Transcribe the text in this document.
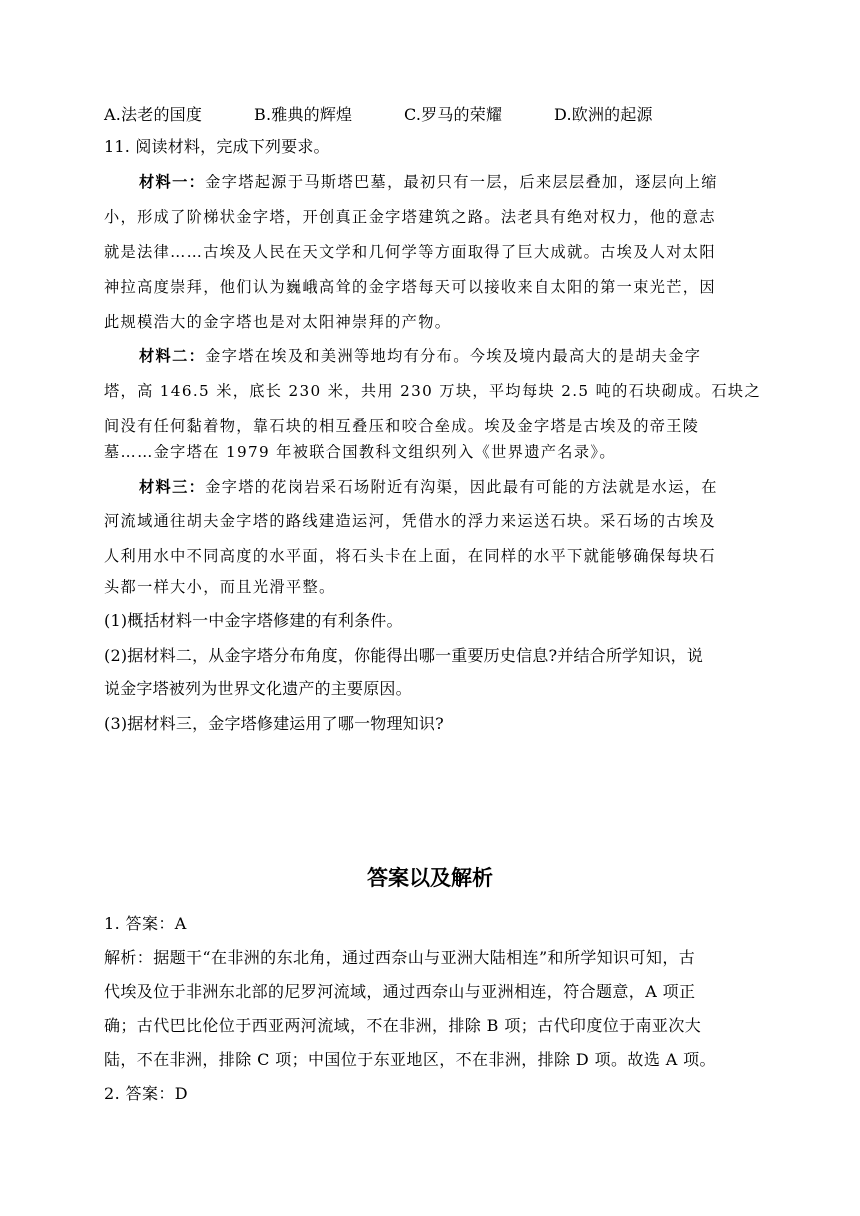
A.法老的国度	B.雅典的辉煌	C.罗马的荣耀	D.欧洲的起源
11. 阅读材料，完成下列要求。
材料一：金字塔起源于马斯塔巴墓，最初只有一层，后来层层叠加，逐层向上缩
小，形成了阶梯状金字塔，开创真正金字塔建筑之路。法老具有绝对权力，他的意志
就是法律……古埃及人民在天文学和几何学等方面取得了巨大成就。古埃及人对太阳
神拉高度崇拜，他们认为巍峨高耸的金字塔每天可以接收来自太阳的第一束光芒，因
此规模浩大的金字塔也是对太阳神崇拜的产物。
材料二：金字塔在埃及和美洲等地均有分布。今埃及境内最高大的是胡夫金字
塔，高 146.5 米，底长 230 米，共用 230 万块，平均每块 2.5 吨的石块砌成。石块之
间没有任何黏着物，靠石块的相互叠压和咬合垒成。埃及金字塔是古埃及的帝王陵
墓……金字塔在 1979 年被联合国教科文组织列入《世界遗产名录》。
材料三：金字塔的花岗岩采石场附近有沟渠，因此最有可能的方法就是水运，在
河流域通往胡夫金字塔的路线建造运河，凭借水的浮力来运送石块。采石场的古埃及
人利用水中不同高度的水平面，将石头卡在上面，在同样的水平下就能够确保每块石
头都一样大小，而且光滑平整。
(1)概括材料一中金字塔修建的有利条件。
(2)据材料二，从金字塔分布角度，你能得出哪一重要历史信息?并结合所学知识，说
说金字塔被列为世界文化遗产的主要原因。
(3)据材料三，金字塔修建运用了哪一物理知识?
答案以及解析
1. 答案：A
解析：据题干“在非洲的东北角，通过西奈山与亚洲大陆相连”和所学知识可知，古
代埃及位于非洲东北部的尼罗河流域，通过西奈山与亚洲相连，符合题意，A 项正
确；古代巴比伦位于西亚两河流域，不在非洲，排除 B 项；古代印度位于南亚次大
陆，不在非洲，排除 C 项；中国位于东亚地区，不在非洲，排除 D 项。故选 A 项。
2. 答案：D
